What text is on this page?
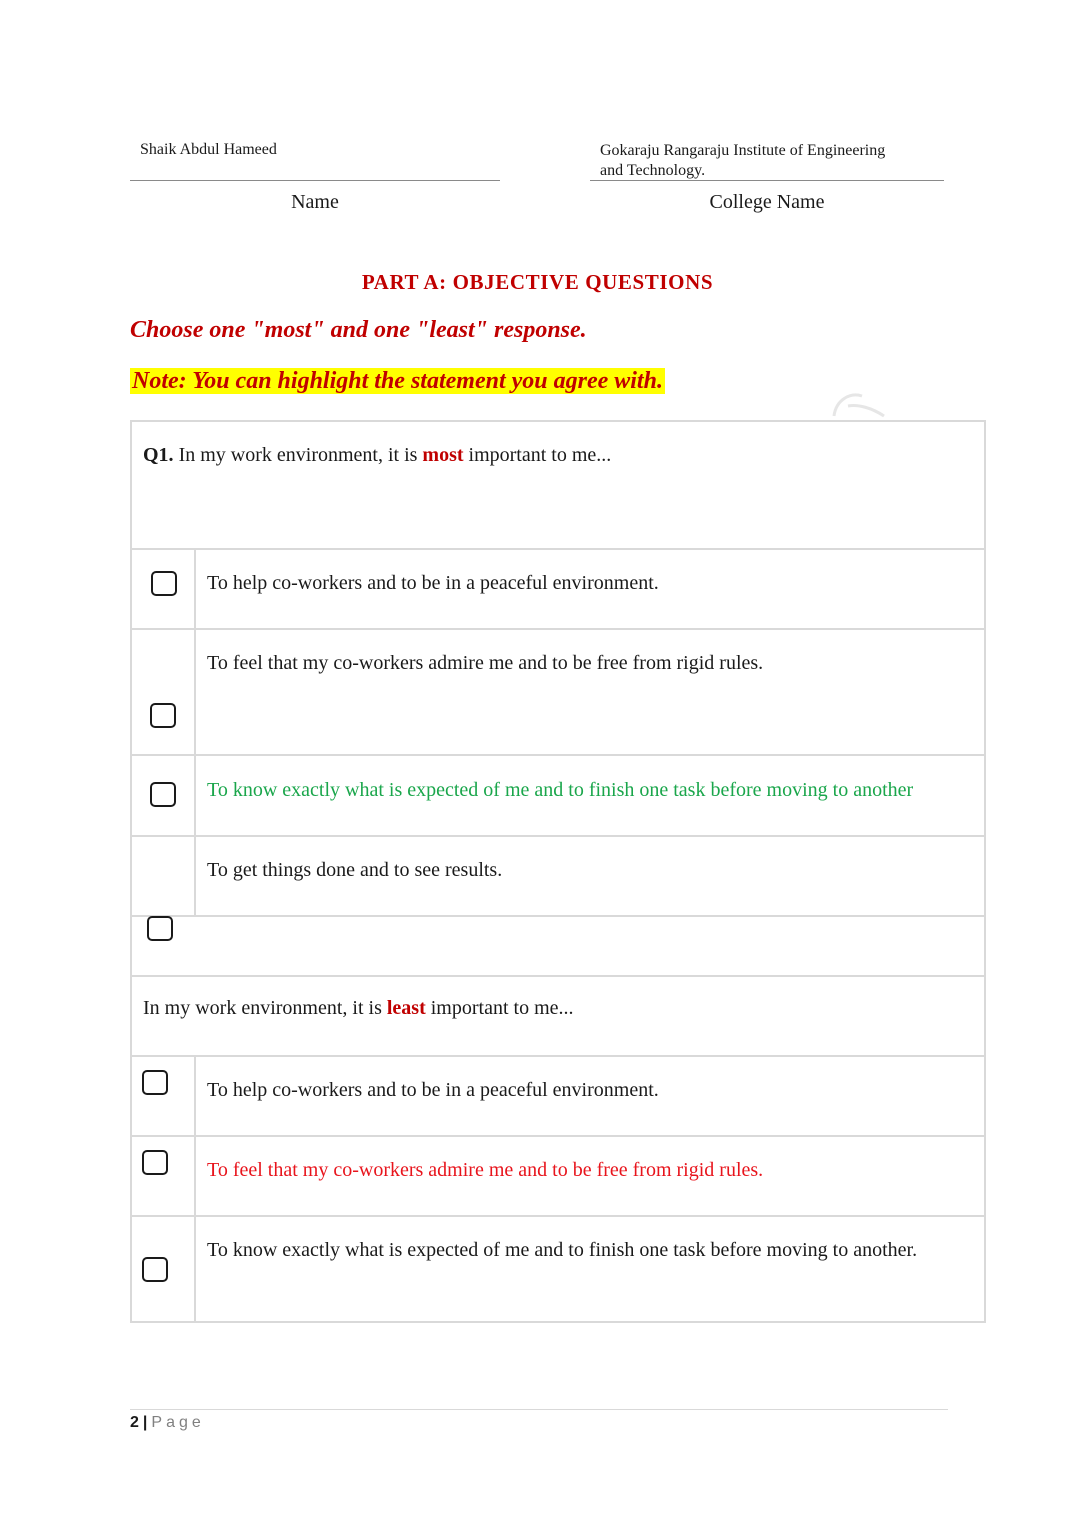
Shaik Abdul Hameed
Name
Gokaraju Rangaraju Institute of Engineering
and Technology.
College Name
PART A: OBJECTIVE QUESTIONS
Choose one "most" and one "least" response.
Note: You can highlight the statement you agree with.
Q1. In my work environment, it is most important to me...
To help co-workers and to be in a peaceful environment.
To feel that my co-workers admire me and to be free from rigid rules.
To know exactly what is expected of me and to finish one task before moving to another
To get things done and to see results.
In my work environment, it is least important to me...
To help co-workers and to be in a peaceful environment.
To feel that my co-workers admire me and to be free from rigid rules.
To know exactly what is expected of me and to finish one task before moving to another.
2 | Page
